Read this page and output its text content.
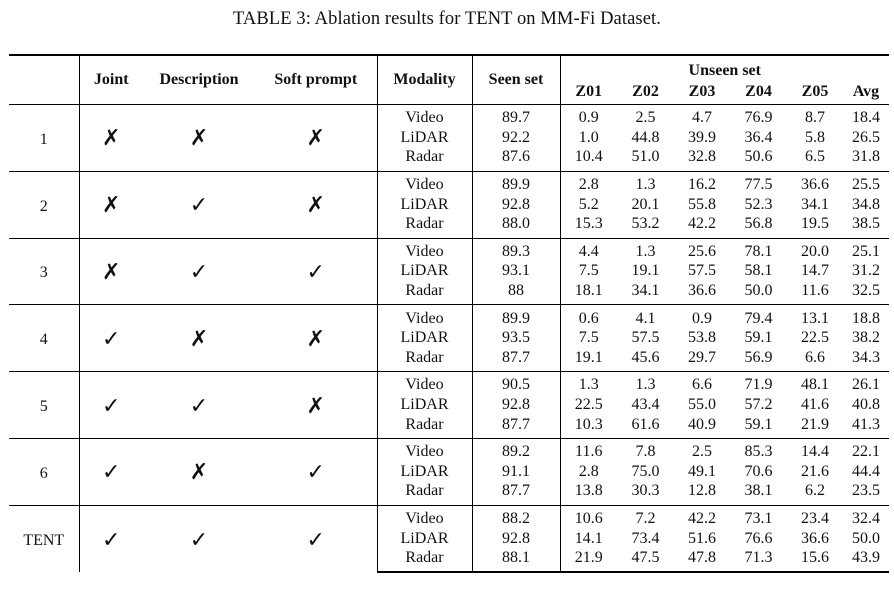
TABLE 3: Ablation results for TENT on MM-Fi Dataset.
	Joint	Description	Soft prompt	Modality	Seen set	Unseen set					
						Z01	Z02	Z03	Z04	Z05	Avg
1	✗	✗	✗	Video	89.7	0.9	2.5	4.7	76.9	8.7	18.4
				LiDAR	92.2	1.0	44.8	39.9	36.4	5.8	26.5
				Radar	87.6	10.4	51.0	32.8	50.6	6.5	31.8
2	✗	✓	✗	Video	89.9	2.8	1.3	16.2	77.5	36.6	25.5
				LiDAR	92.8	5.2	20.1	55.8	52.3	34.1	34.8
				Radar	88.0	15.3	53.2	42.2	56.8	19.5	38.5
3	✗	✓	✓	Video	89.3	4.4	1.3	25.6	78.1	20.0	25.1
				LiDAR	93.1	7.5	19.1	57.5	58.1	14.7	31.2
				Radar	88	18.1	34.1	36.6	50.0	11.6	32.5
4	✓	✗	✗	Video	89.9	0.6	4.1	0.9	79.4	13.1	18.8
				LiDAR	93.5	7.5	57.5	53.8	59.1	22.5	38.2
				Radar	87.7	19.1	45.6	29.7	56.9	6.6	34.3
5	✓	✓	✗	Video	90.5	1.3	1.3	6.6	71.9	48.1	26.1
				LiDAR	92.8	22.5	43.4	55.0	57.2	41.6	40.8
				Radar	87.7	10.3	61.6	40.9	59.1	21.9	41.3
6	✓	✗	✓	Video	89.2	11.6	7.8	2.5	85.3	14.4	22.1
				LiDAR	91.1	2.8	75.0	49.1	70.6	21.6	44.4
				Radar	87.7	13.8	30.3	12.8	38.1	6.2	23.5
TENT	✓	✓	✓	Video	88.2	10.6	7.2	42.2	73.1	23.4	32.4
				LiDAR	92.8	14.1	73.4	51.6	76.6	36.6	50.0
				Radar	88.1	21.9	47.5	47.8	71.3	15.6	43.9
